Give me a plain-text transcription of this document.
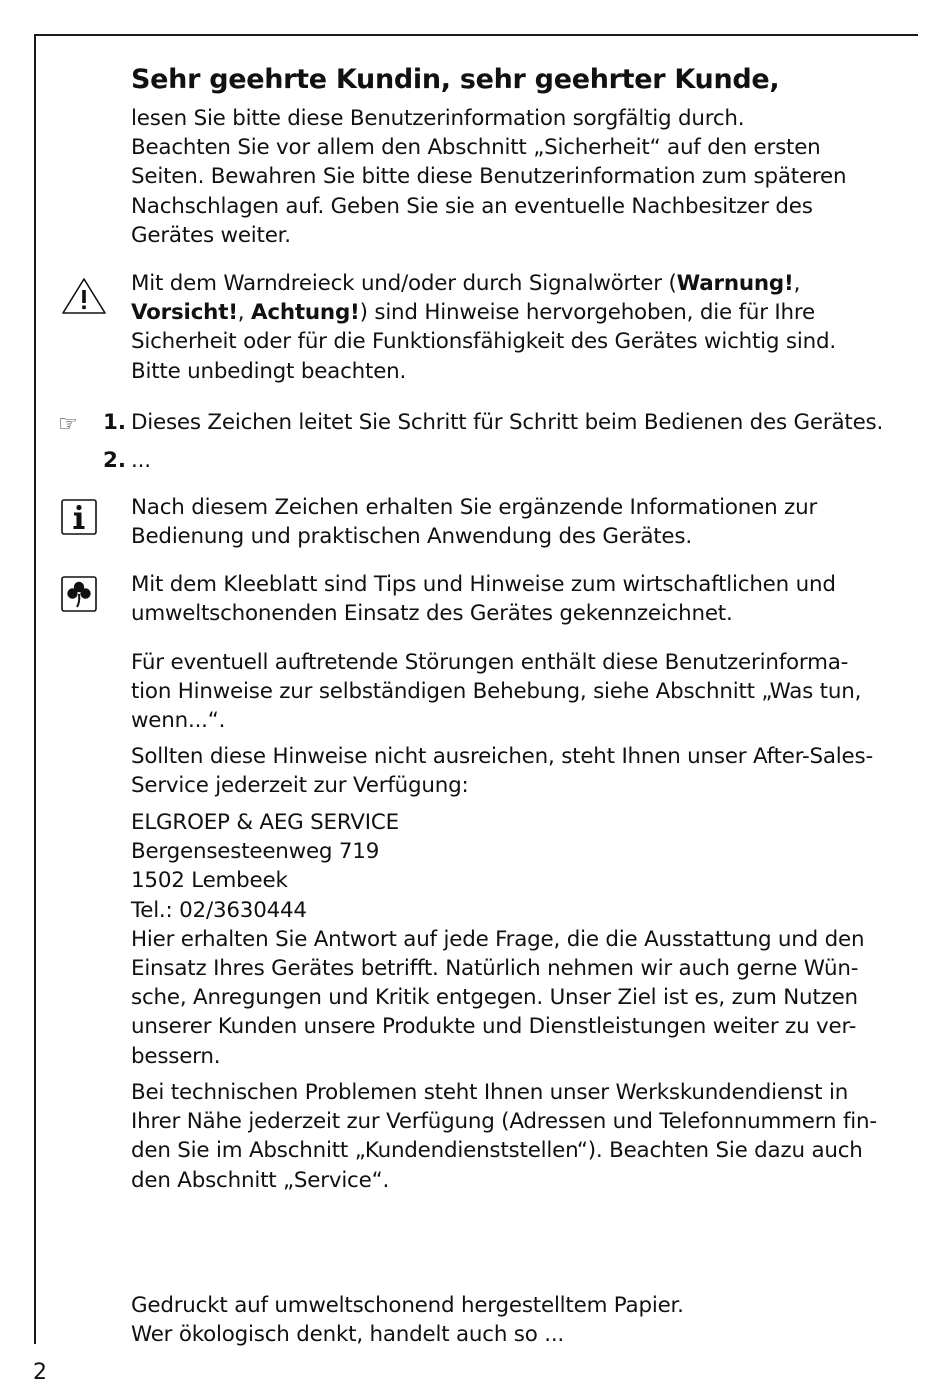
Sehr geehrte Kundin, sehr geehrter Kunde,

lesen Sie bitte diese Benutzerinformation sorgfältig durch.

Beachten Sie vor allem den Abschnitt „Sicherheit“ auf den ersten

Seiten. Bewahren Sie bitte diese Benutzerinformation zum späteren

Nachschlagen auf. Geben Sie sie an eventuelle Nachbesitzer des

Gerätes weiter.

Mit dem Warndreieck und/oder durch Signalwörter (Warnung!,

Vorsicht!, Achtung!) sind Hinweise hervorgehoben, die für Ihre

Sicherheit oder für die Funktionsfähigkeit des Gerätes wichtig sind.

Bitte unbedingt beachten.

☞ 1. Dieses Zeichen leitet Sie Schritt für Schritt beim Bedienen des Gerätes.

2. ...

Nach diesem Zeichen erhalten Sie ergänzende Informationen zur

Bedienung und praktischen Anwendung des Gerätes.

Mit dem Kleeblatt sind Tips und Hinweise zum wirtschaftlichen und

umweltschonenden Einsatz des Gerätes gekennzeichnet.

Für eventuell auftretende Störungen enthält diese Benutzerinforma-

tion Hinweise zur selbständigen Behebung, siehe Abschnitt „Was tun,

wenn...“.

Sollten diese Hinweise nicht ausreichen, steht Ihnen unser After-Sales-

Service jederzeit zur Verfügung:

ELGROEP & AEG SERVICE

Bergensesteenweg 719

1502 Lembeek

Tel.: 02/3630444

Hier erhalten Sie Antwort auf jede Frage, die die Ausstattung und den

Einsatz Ihres Gerätes betrifft. Natürlich nehmen wir auch gerne Wün-

sche, Anregungen und Kritik entgegen. Unser Ziel ist es, zum Nutzen

unserer Kunden unsere Produkte und Dienstleistungen weiter zu ver-

bessern.

Bei technischen Problemen steht Ihnen unser Werkskundendienst in

Ihrer Nähe jederzeit zur Verfügung (Adressen und Telefonnummern fin-

den Sie im Abschnitt „Kundendienststellen“). Beachten Sie dazu auch

den Abschnitt „Service“.

Gedruckt auf umweltschonend hergestelltem Papier.

Wer ökologisch denkt, handelt auch so ...

2
